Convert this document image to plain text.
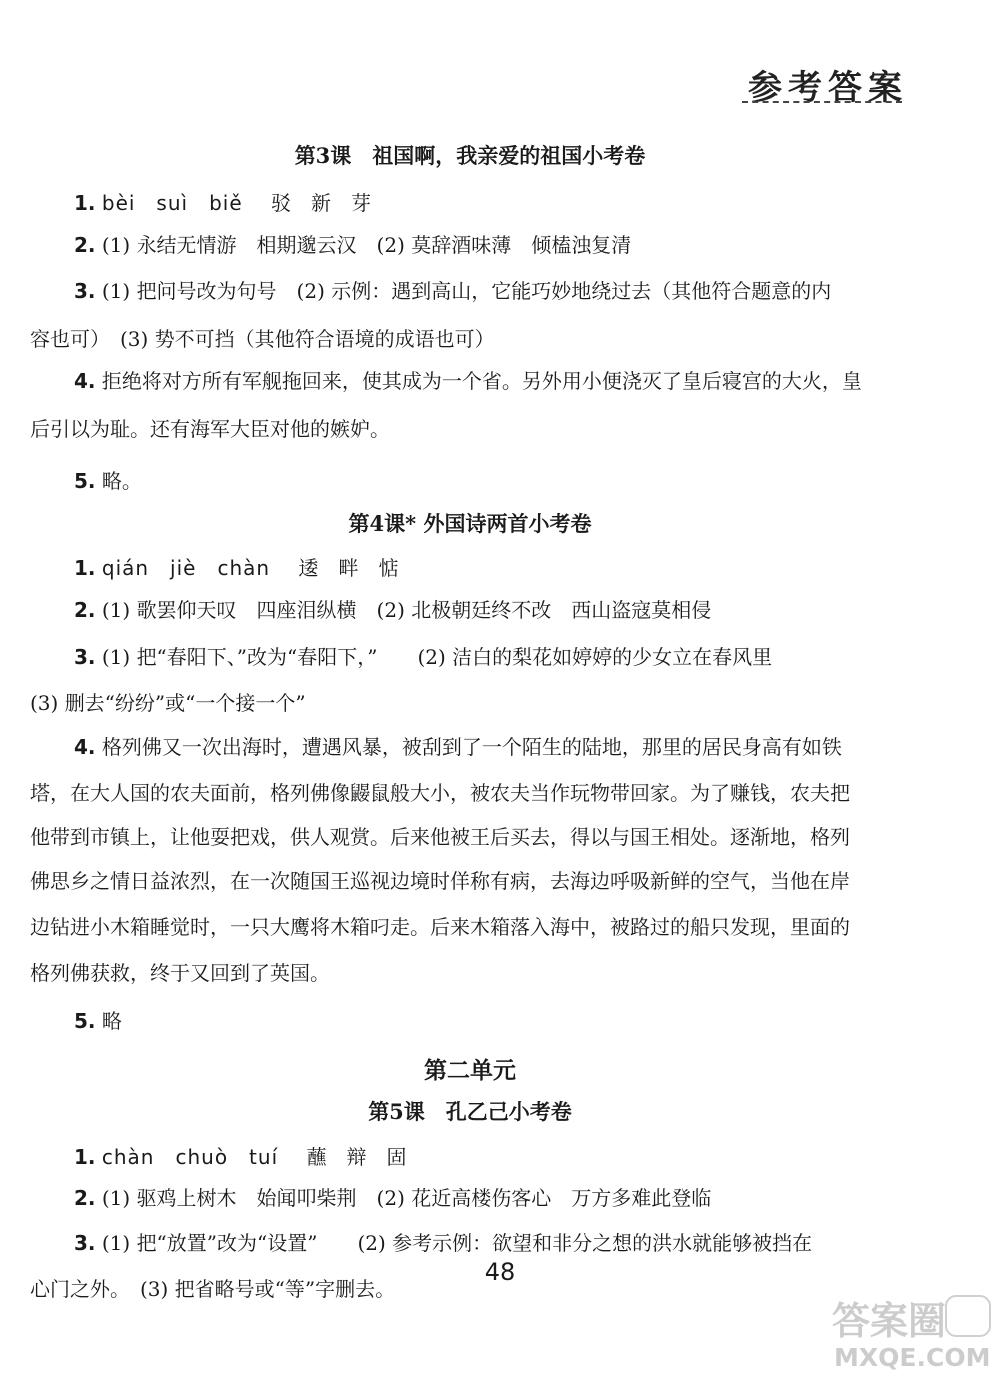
参考答案
第3课　祖国啊，我亲爱的祖国小考卷
1. bèi　suì　biě 驳　新　芽
2. (1) 永结无情游　相期邈云汉　(2) 莫辞酒味薄　倾榼浊复清
3. (1) 把问号改为句号　(2) 示例：遇到高山，它能巧妙地绕过去（其他符合题意的内
容也可）　(3) 势不可挡（其他符合语境的成语也可）
4. 拒绝将对方所有军舰拖回来，使其成为一个省。另外用小便浇灭了皇后寝宫的大火，皇
后引以为耻。还有海军大臣对他的嫉妒。
5. 略。
第4课* 外国诗两首小考卷
1. qián　jiè　chàn 逶　畔　惦
2. (1) 歌罢仰天叹　四座泪纵横　(2) 北极朝廷终不改　西山盗寇莫相侵
3. (1) 把“春阳下、”改为“春阳下，”　　(2) 洁白的梨花如婷婷的少女立在春风里
(3) 删去“纷纷”或“一个接一个”
4. 格列佛又一次出海时，遭遇风暴，被刮到了一个陌生的陆地，那里的居民身高有如铁
塔，在大人国的农夫面前，格列佛像鼹鼠般大小，被农夫当作玩物带回家。为了赚钱，农夫把
他带到市镇上，让他耍把戏，供人观赏。后来他被王后买去，得以与国王相处。逐渐地，格列
佛思乡之情日益浓烈，在一次随国王巡视边境时佯称有病，去海边呼吸新鲜的空气，当他在岸
边钻进小木箱睡觉时，一只大鹰将木箱叼走。后来木箱落入海中，被路过的船只发现，里面的
格列佛获救，终于又回到了英国。
5. 略
第二单元
第5课　孔乙己小考卷
1. chàn　chuò　tuí 蘸　辩　固
2. (1) 驱鸡上树木　始闻叩柴荆　(2) 花近高楼伤客心　万方多难此登临
3. (1) 把“放置”改为“设置”　　(2) 参考示例：欲望和非分之想的洪水就能够被挡在
心门之外。　(3) 把省略号或“等”字删去。
48
答案圈
MXQE.COM
